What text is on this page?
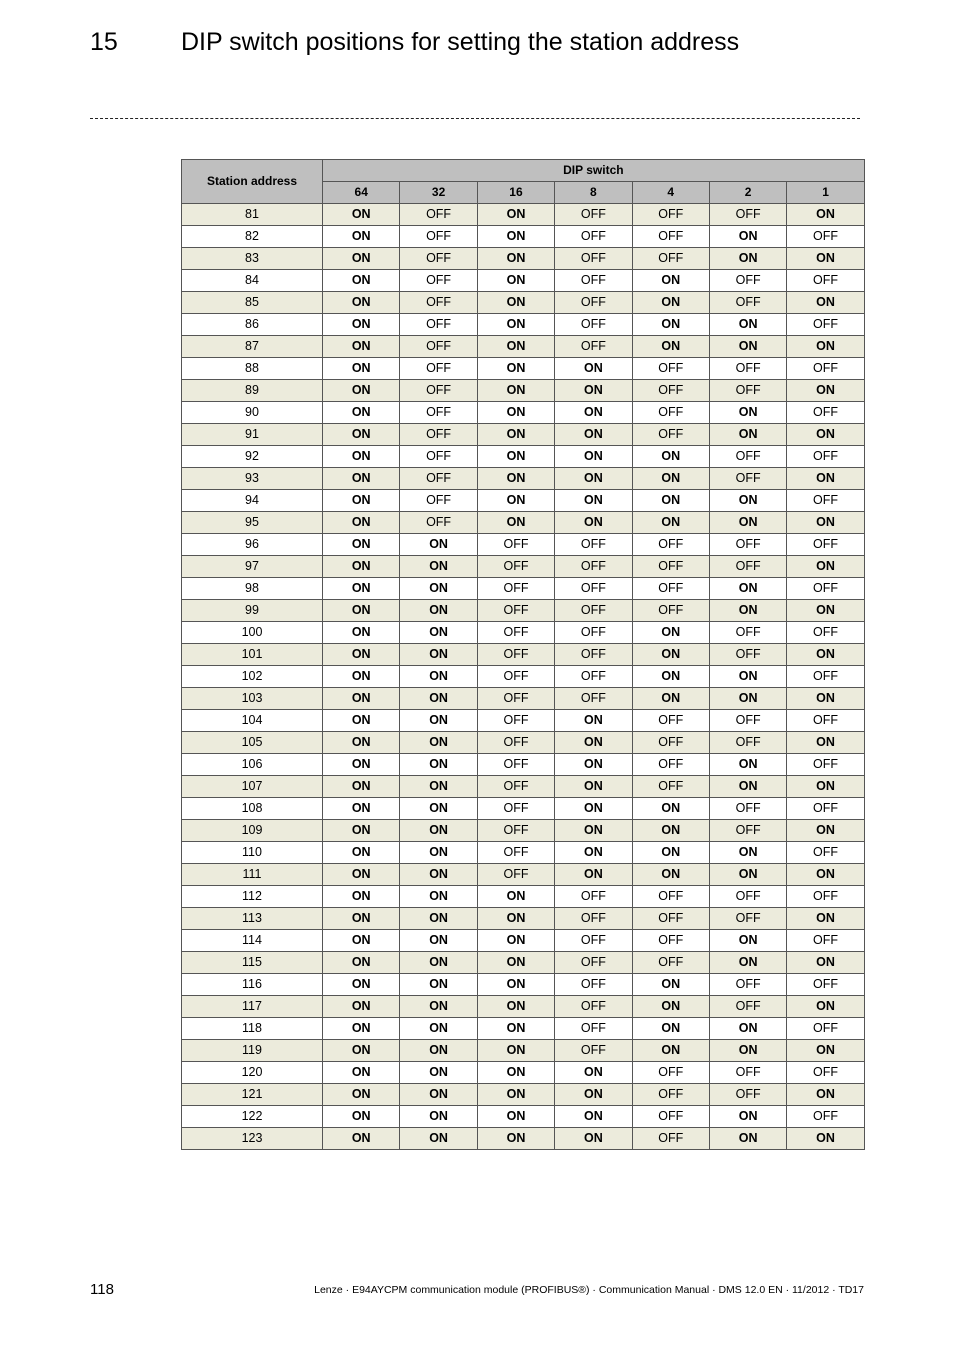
15	DIP switch positions for setting the station address
Station address	DIP switch						
	64	32	16	8	4	2	1
81	ON	OFF	ON	OFF	OFF	OFF	ON
82	ON	OFF	ON	OFF	OFF	ON	OFF
83	ON	OFF	ON	OFF	OFF	ON	ON
84	ON	OFF	ON	OFF	ON	OFF	OFF
85	ON	OFF	ON	OFF	ON	OFF	ON
86	ON	OFF	ON	OFF	ON	ON	OFF
87	ON	OFF	ON	OFF	ON	ON	ON
88	ON	OFF	ON	ON	OFF	OFF	OFF
89	ON	OFF	ON	ON	OFF	OFF	ON
90	ON	OFF	ON	ON	OFF	ON	OFF
91	ON	OFF	ON	ON	OFF	ON	ON
92	ON	OFF	ON	ON	ON	OFF	OFF
93	ON	OFF	ON	ON	ON	OFF	ON
94	ON	OFF	ON	ON	ON	ON	OFF
95	ON	OFF	ON	ON	ON	ON	ON
96	ON	ON	OFF	OFF	OFF	OFF	OFF
97	ON	ON	OFF	OFF	OFF	OFF	ON
98	ON	ON	OFF	OFF	OFF	ON	OFF
99	ON	ON	OFF	OFF	OFF	ON	ON
100	ON	ON	OFF	OFF	ON	OFF	OFF
101	ON	ON	OFF	OFF	ON	OFF	ON
102	ON	ON	OFF	OFF	ON	ON	OFF
103	ON	ON	OFF	OFF	ON	ON	ON
104	ON	ON	OFF	ON	OFF	OFF	OFF
105	ON	ON	OFF	ON	OFF	OFF	ON
106	ON	ON	OFF	ON	OFF	ON	OFF
107	ON	ON	OFF	ON	OFF	ON	ON
108	ON	ON	OFF	ON	ON	OFF	OFF
109	ON	ON	OFF	ON	ON	OFF	ON
110	ON	ON	OFF	ON	ON	ON	OFF
111	ON	ON	OFF	ON	ON	ON	ON
112	ON	ON	ON	OFF	OFF	OFF	OFF
113	ON	ON	ON	OFF	OFF	OFF	ON
114	ON	ON	ON	OFF	OFF	ON	OFF
115	ON	ON	ON	OFF	OFF	ON	ON
116	ON	ON	ON	OFF	ON	OFF	OFF
117	ON	ON	ON	OFF	ON	OFF	ON
118	ON	ON	ON	OFF	ON	ON	OFF
119	ON	ON	ON	OFF	ON	ON	ON
120	ON	ON	ON	ON	OFF	OFF	OFF
121	ON	ON	ON	ON	OFF	OFF	ON
122	ON	ON	ON	ON	OFF	ON	OFF
123	ON	ON	ON	ON	OFF	ON	ON
118	Lenze · E94AYCPM communication module (PROFIBUS®) · Communication Manual · DMS 12.0 EN · 11/2012 · TD17
